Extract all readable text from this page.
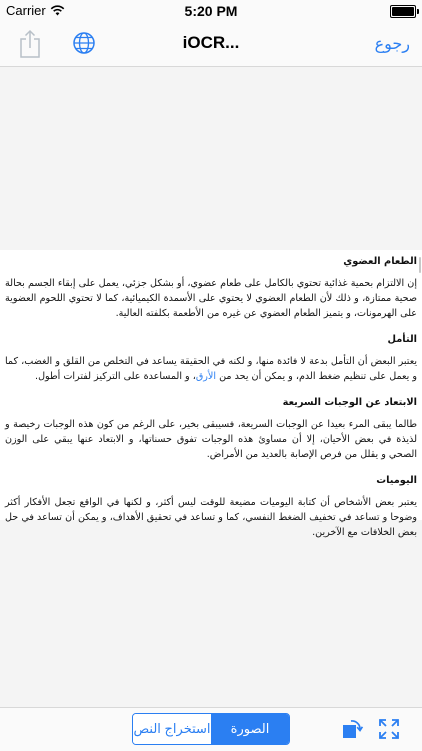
Carrier	5:20 PM
iOCR...	رجوع
الطعام العضوي

إن الالتزام بحمية غذائية تحتوي بالكامل على طعام عضوي، أو بشكل جزئي، يعمل على إبقاء الجسم بحالة صحية ممتازة، و ذلك لأن الطعام العضوي لا يحتوي على الأسمدة الكيميائية، كما لا تحتوي اللحوم العضوية على الهرمونات، و يتميز الطعام العضوي عن غيره من الأطعمة بكلفته العالية.

التأمل

يعتبر البعض أن التأمل بدعة لا فائدة منها، و لكنه في الحقيقة يساعد في التخلص من القلق و الغضب، كما و يعمل على تنظيم ضغط الدم، و يمكن أن يحد من الأرق، و المساعدة على التركيز لفترات أطول.

الابتعاد عن الوجبات السريعة

طالما يبقى المرء بعيدا عن الوجبات السريعة، فسيبقى بخير، على الرغم من كون هذه الوجبات رخيصة و لذيذة في بعض الأحيان، إلا أن مساوئ هذه الوجبات تفوق حسناتها، و الابتعاد عنها يبقي على الوزن الصحي و يقلل من فرص الإصابة بالعديد من الأمراض.

اليوميات

يعتبر بعض الأشخاص أن كتابة اليوميات مضيعة للوقت ليس أكثر، و لكنها في الواقع تجعل الأفكار أكثر وضوحا و تساعد في تخفيف الضغط النفسي، كما و تساعد في تحقيق الأهداف، و يمكن أن تساعد في حل بعض الخلافات مع الآخرين.

استخراج النص	الصورة
